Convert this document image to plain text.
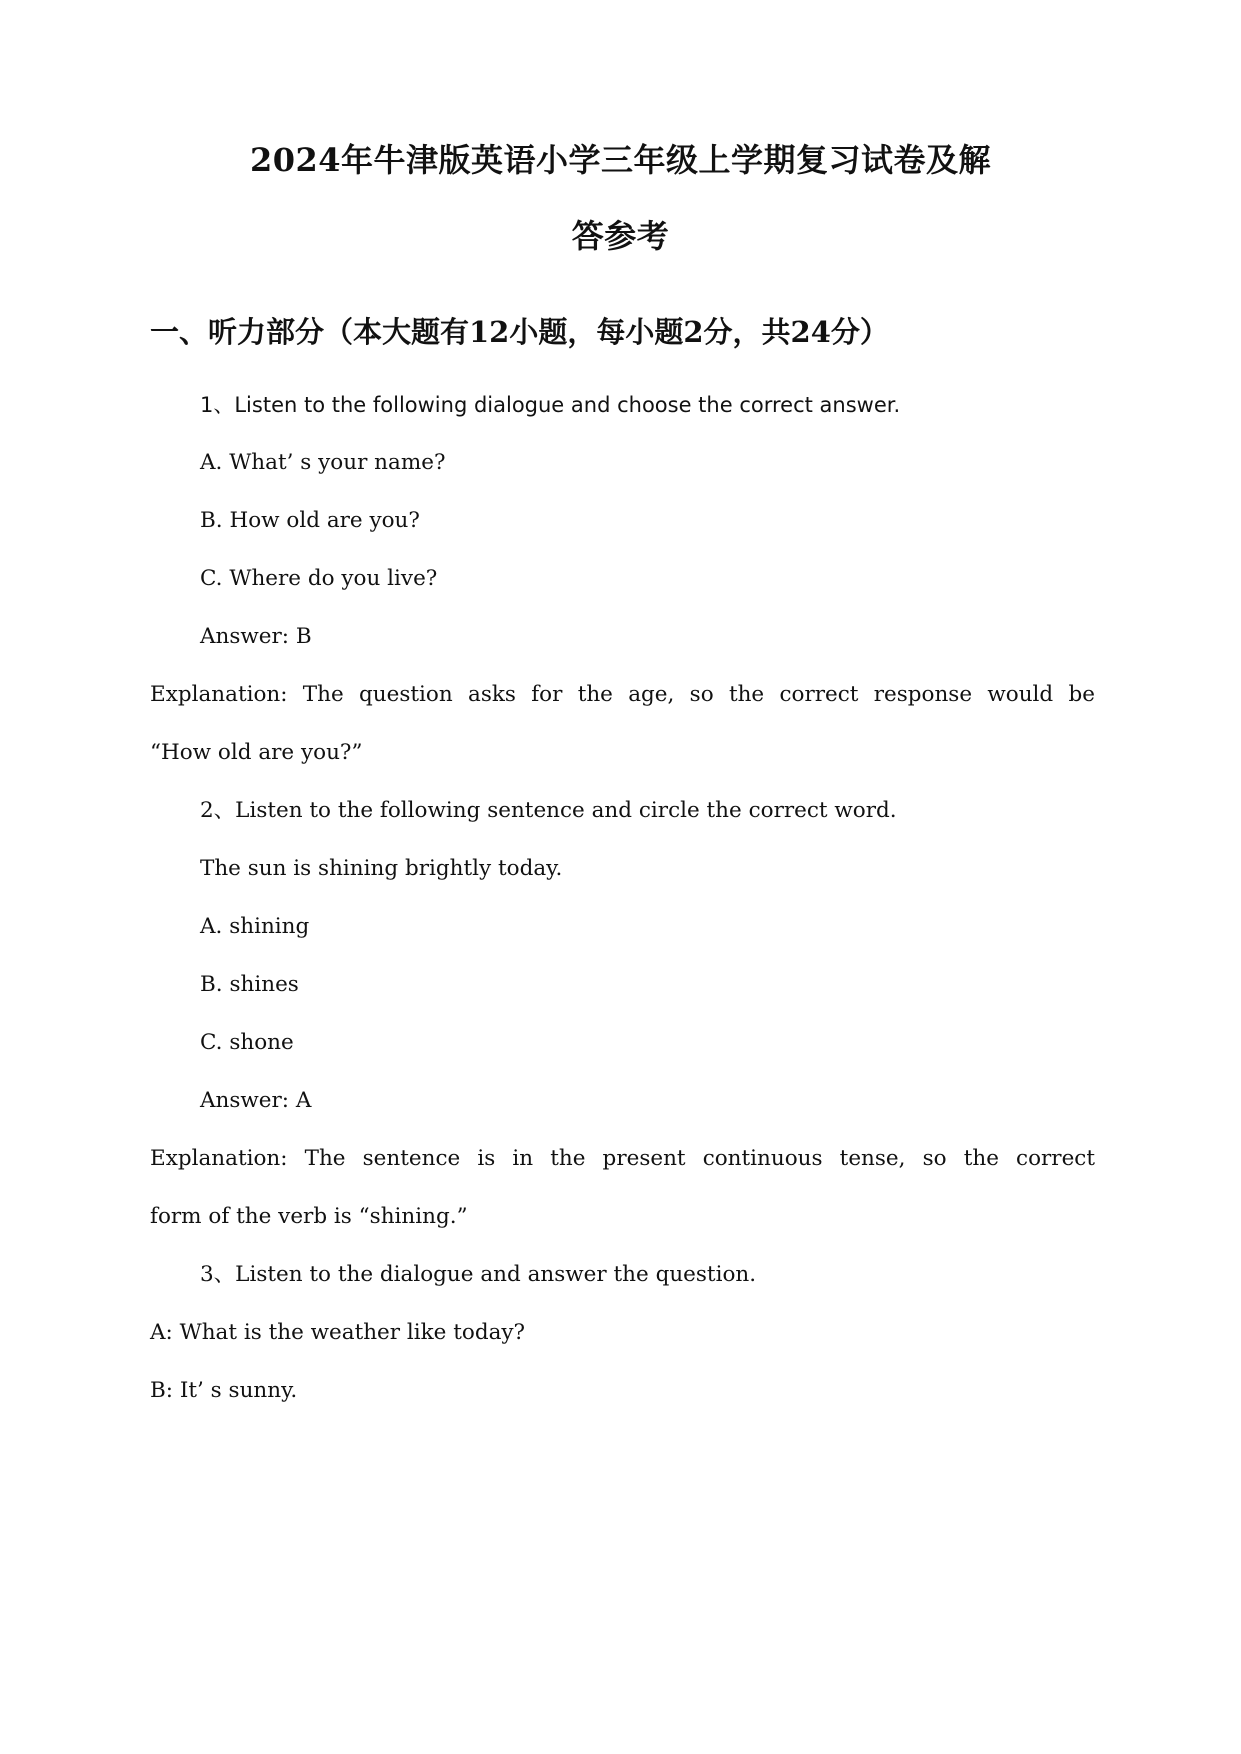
2024年牛津版英语小学三年级上学期复习试卷及解
答参考
一、听力部分（本大题有12小题，每小题2分，共24分）
1、Listen to the following dialogue and choose the correct answer.
A. What’ s your name?
B. How old are you?
C. Where do you live?
Answer: B
Explanation: The question asks for the age, so the correct response would be
“How old are you?”
2、Listen to the following sentence and circle the correct word.
The sun is shining brightly today.
A. shining
B. shines
C. shone
Answer: A
Explanation: The sentence is in the present continuous tense, so the correct
form of the verb is “shining.”
3、Listen to the dialogue and answer the question.
A: What is the weather like today?
B: It’ s sunny.
